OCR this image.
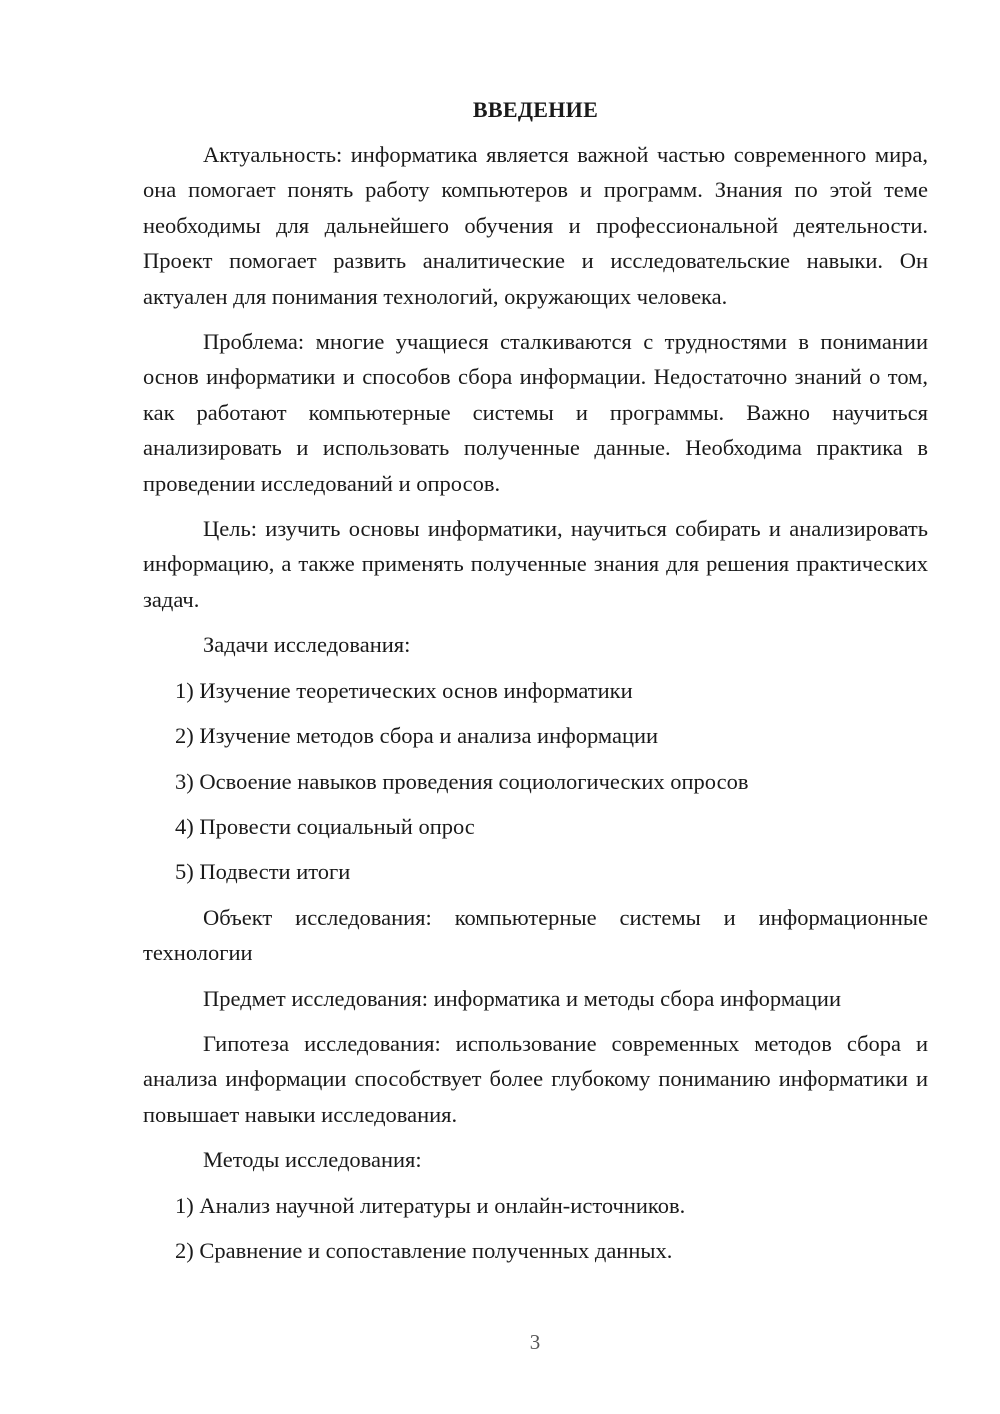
ВВЕДЕНИЕ

Актуальность: информатика является важной частью современного мира, она помогает понять работу компьютеров и программ. Знания по этой теме необходимы для дальнейшего обучения и профессиональной деятельности. Проект помогает развить аналитические и исследовательские навыки. Он актуален для понимания технологий, окружающих человека.

Проблема: многие учащиеся сталкиваются с трудностями в понимании основ информатики и способов сбора информации. Недостаточно знаний о том, как работают компьютерные системы и программы. Важно научиться анализировать и использовать полученные данные. Необходима практика в проведении исследований и опросов.

Цель: изучить основы информатики, научиться собирать и анализировать информацию, а также применять полученные знания для решения практических задач.

Задачи исследования:

1) Изучение теоретических основ информатики
2) Изучение методов сбора и анализа информации
3) Освоение навыков проведения социологических опросов
4) Провести социальный опрос
5) Подвести итоги

Объект исследования: компьютерные системы и информационные технологии

Предмет исследования: информатика и методы сбора информации

Гипотеза исследования: использование современных методов сбора и анализа информации способствует более глубокому пониманию информатики и повышает навыки исследования.

Методы исследования:

1) Анализ научной литературы и онлайн-источников.
2) Сравнение и сопоставление полученных данных.
3
